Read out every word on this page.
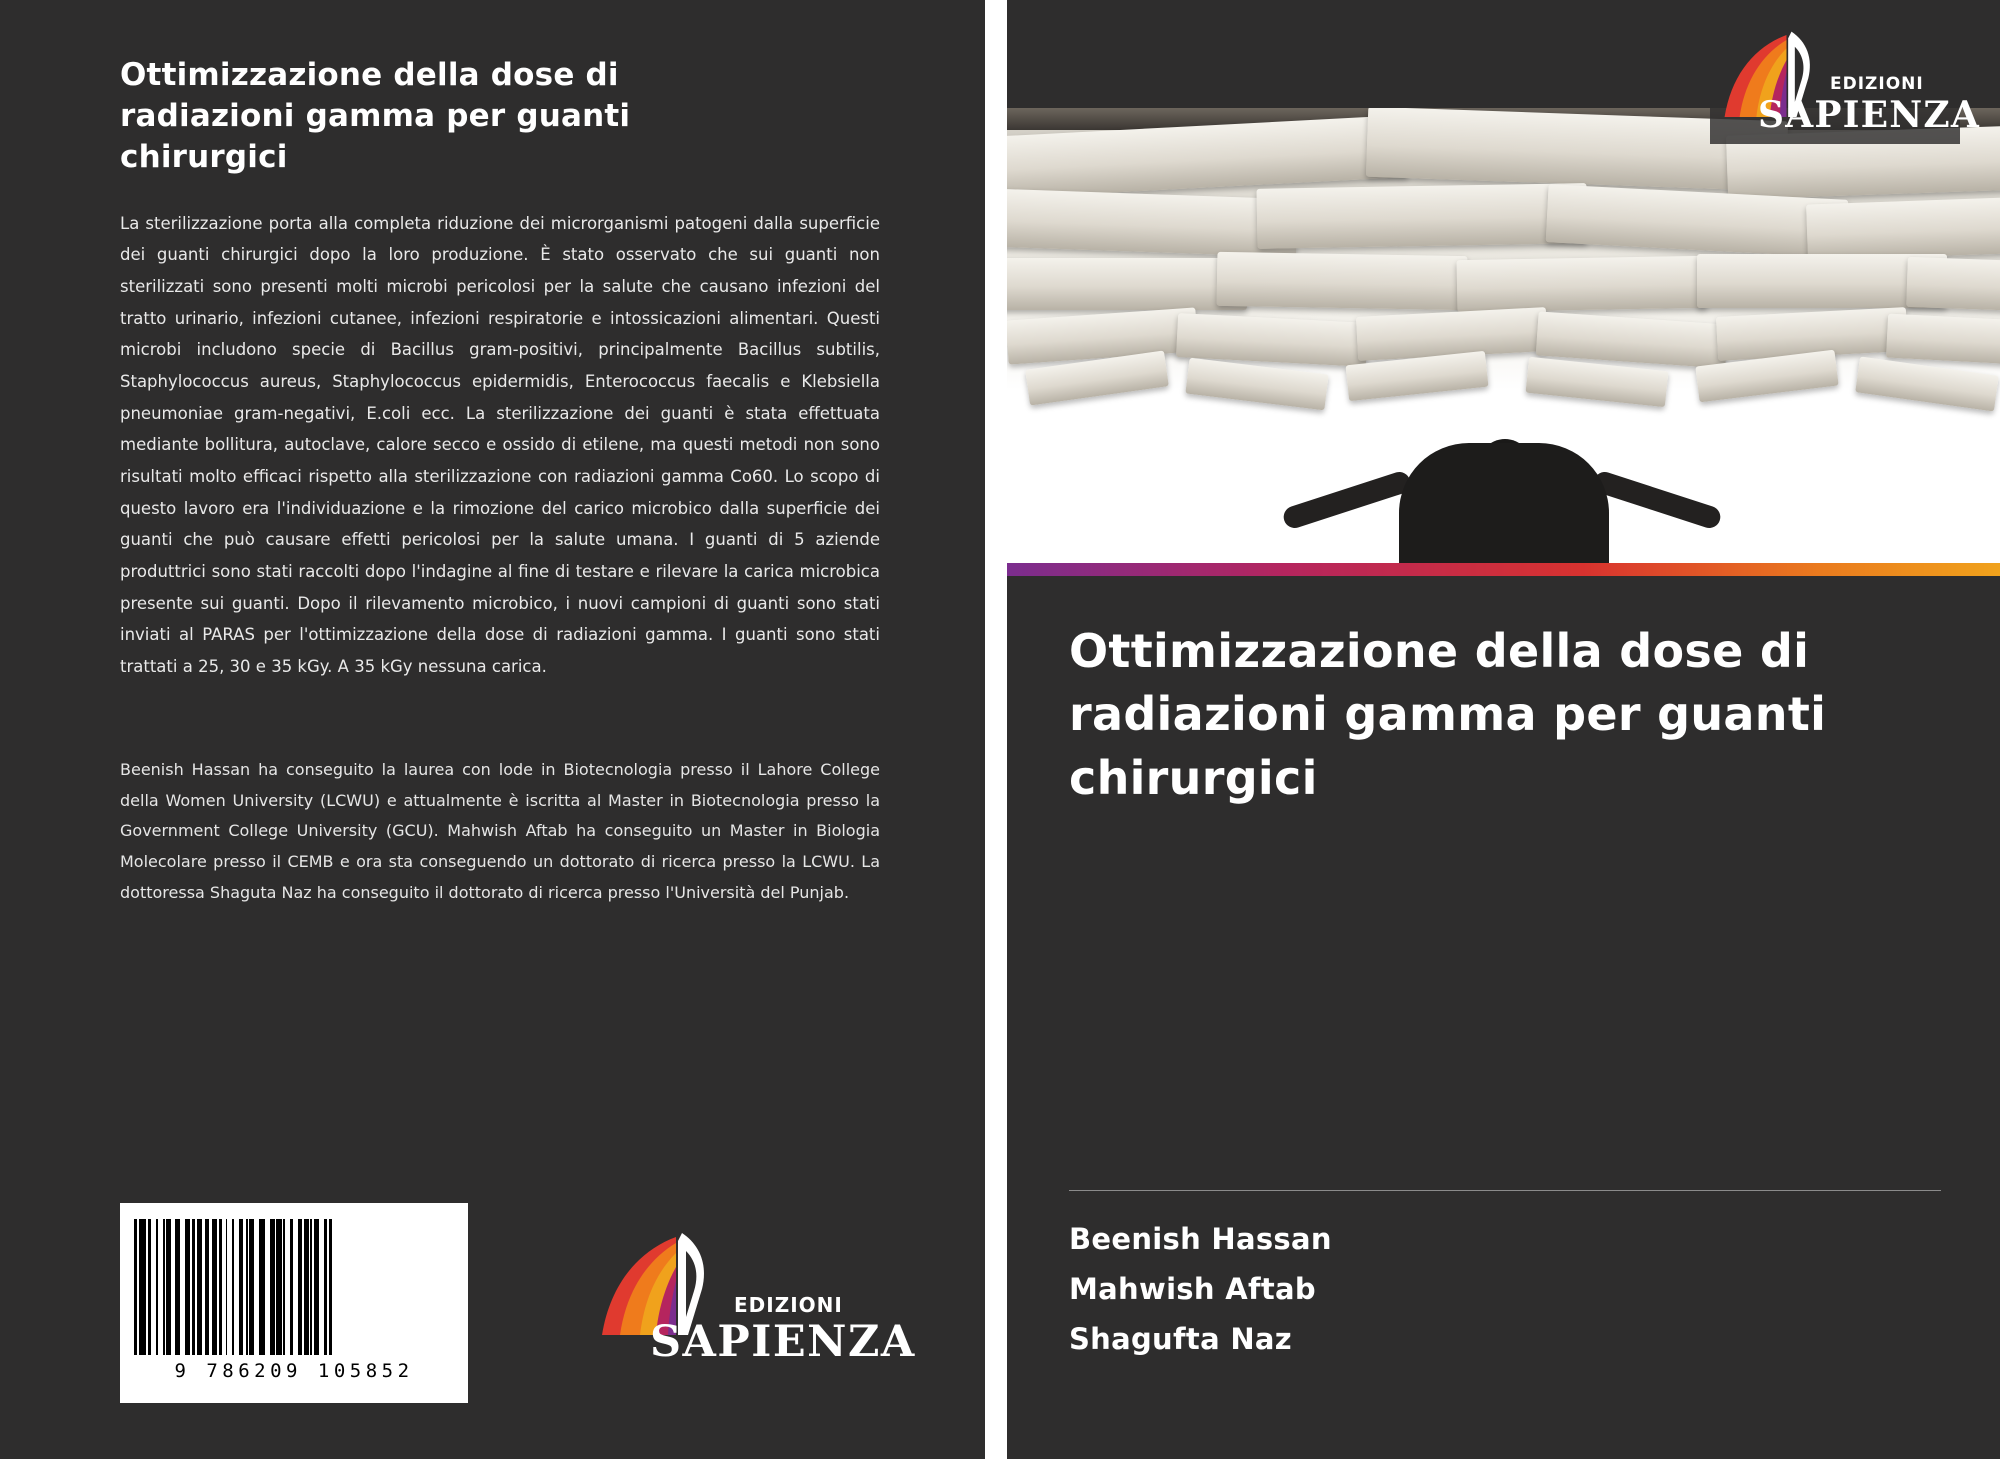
Ottimizzazione della dose di radiazioni gamma per guanti chirurgici
La sterilizzazione porta alla completa riduzione dei microrganismi patogeni dalla superficie dei guanti chirurgici dopo la loro produzione. È stato osservato che sui guanti non sterilizzati sono presenti molti microbi pericolosi per la salute che causano infezioni del tratto urinario, infezioni cutanee, infezioni respiratorie e intossicazioni alimentari. Questi microbi includono specie di Bacillus gram-positivi, principalmente Bacillus subtilis, Staphylococcus aureus, Staphylococcus epidermidis, Enterococcus faecalis e Klebsiella pneumoniae gram-negativi, E.coli ecc. La sterilizzazione dei guanti è stata effettuata mediante bollitura, autoclave, calore secco e ossido di etilene, ma questi metodi non sono risultati molto efficaci rispetto alla sterilizzazione con radiazioni gamma Co60. Lo scopo di questo lavoro era l'individuazione e la rimozione del carico microbico dalla superficie dei guanti che può causare effetti pericolosi per la salute umana. I guanti di 5 aziende produttrici sono stati raccolti dopo l'indagine al fine di testare e rilevare la carica microbica presente sui guanti. Dopo il rilevamento microbico, i nuovi campioni di guanti sono stati inviati al PARAS per l'ottimizzazione della dose di radiazioni gamma. I guanti sono stati trattati a 25, 30 e 35 kGy. A 35 kGy nessuna carica.
Beenish Hassan ha conseguito la laurea con lode in Biotecnologia presso il Lahore College della Women University (LCWU) e attualmente è iscritta al Master in Biotecnologia presso la Government College University (GCU). Mahwish Aftab ha conseguito un Master in Biologia Molecolare presso il CEMB e ora sta conseguendo un dottorato di ricerca presso la LCWU. La dottoressa Shaguta Naz ha conseguito il dottorato di ricerca presso l'Università del Punjab.
9 786209 105852
EDIZIONI
SAPIENZA
EDIZIONI
SAPIENZA
Ottimizzazione della dose di radiazioni gamma per guanti chirurgici
Beenish Hassan
Mahwish Aftab
Shagufta Naz
